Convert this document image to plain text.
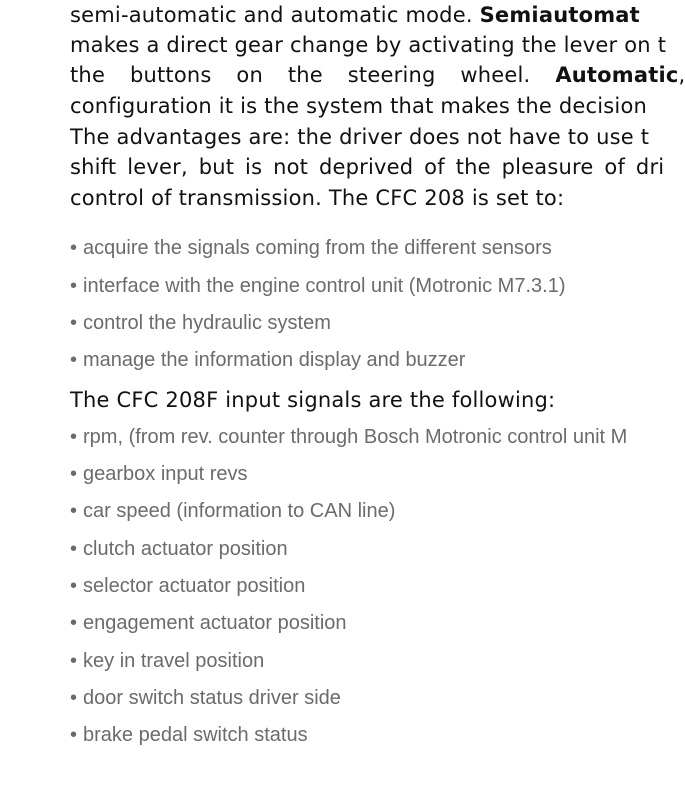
semi-automatic and automatic mode. Semiautomat
makes a direct gear change by activating the lever on t
the buttons on the steering wheel. Automatic,
configuration it is the system that makes the decision
The advantages are: the driver does not have to use t
shift lever, but is not deprived of the pleasure of dri
control of transmission. The CFC 208 is set to:
• acquire the signals coming from the different sensors
• interface with the engine control unit (Motronic M7.3.1)
• control the hydraulic system
• manage the information display and buzzer
The CFC 208F input signals are the following:
• rpm, (from rev. counter through Bosch Motronic control unit M
• gearbox input revs
• car speed (information to CAN line)
• clutch actuator position
• selector actuator position
• engagement actuator position
• key in travel position
• door switch status driver side
• brake pedal switch status
